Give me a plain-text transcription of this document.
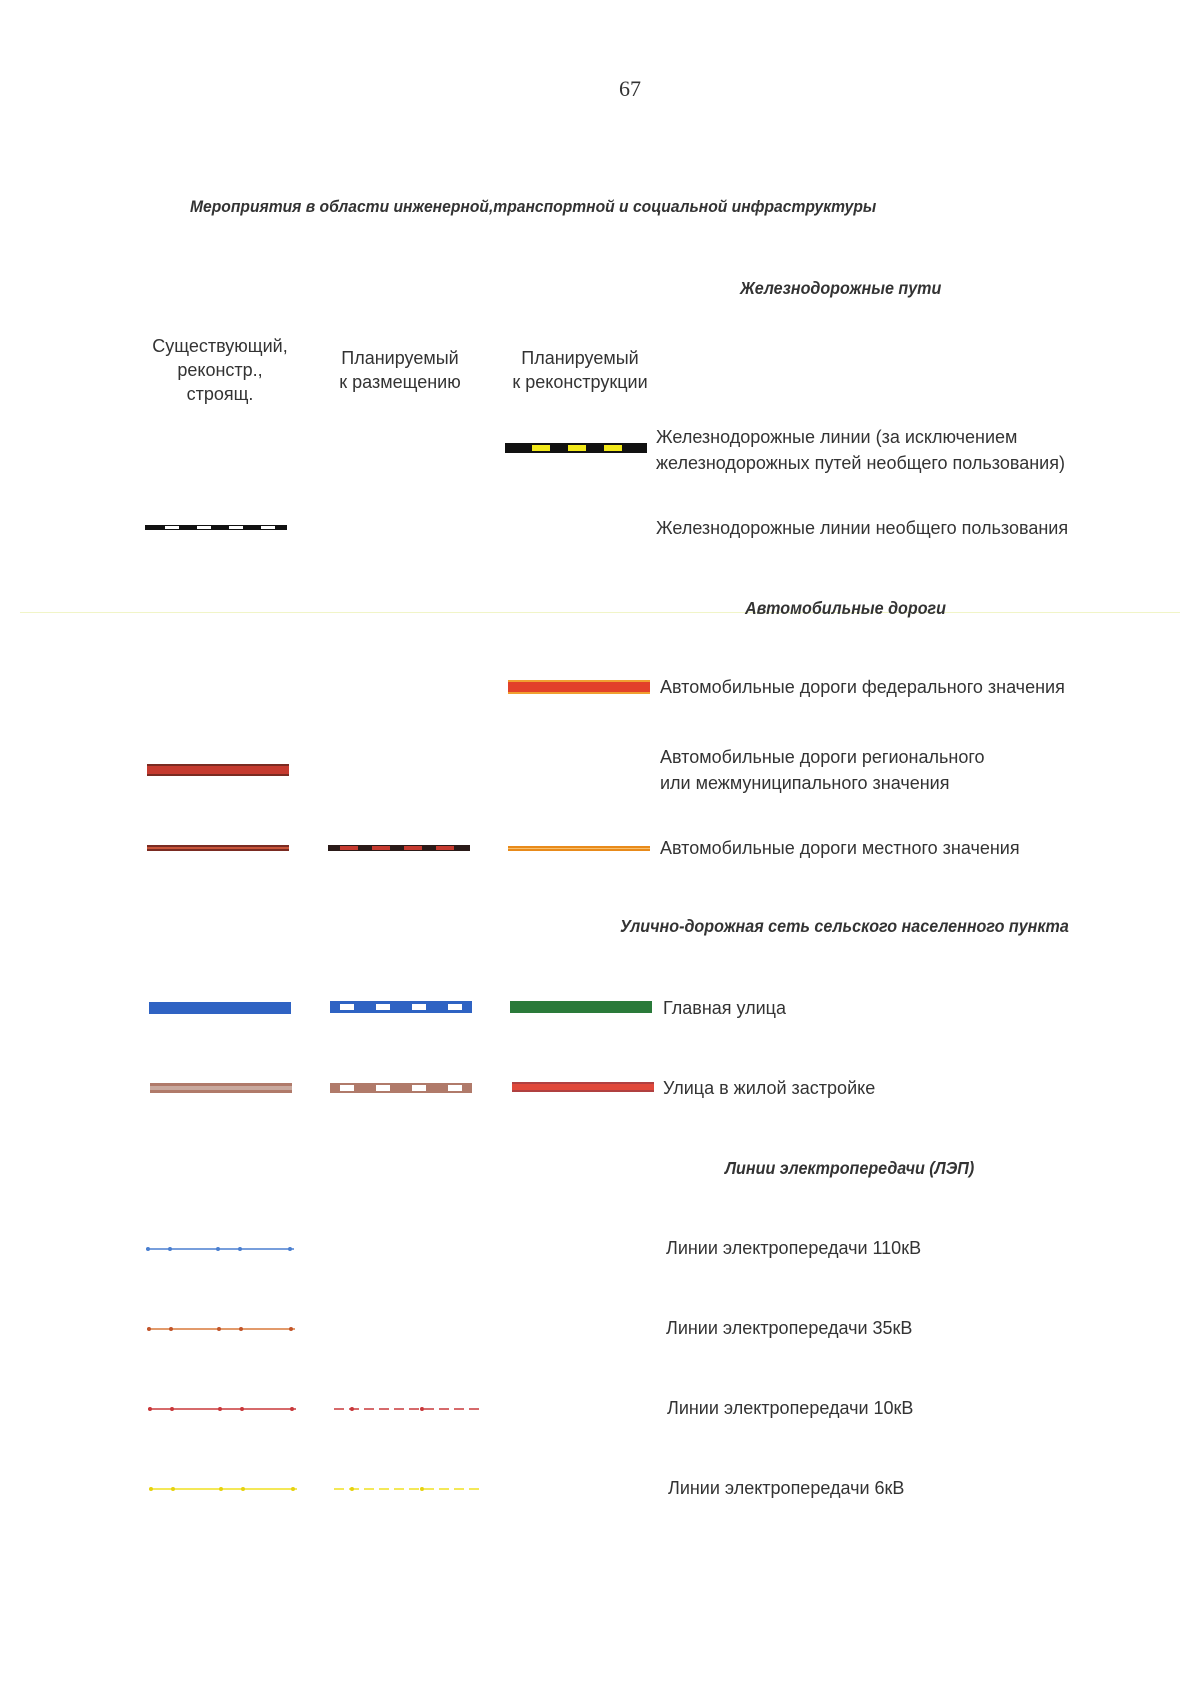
67
Мероприятия в области инженерной,транспортной и социальной инфраструктуры
Железнодорожные пути
Существующий,
реконстр.,
строящ.
Планируемый
к размещению
Планируемый
к реконструкции
Железнодорожные линии (за исключением
железнодорожных путей необщего пользования)
Железнодорожные линии необщего пользования
Автомобильные дороги
Автомобильные дороги федерального значения
Автомобильные дороги регионального
или межмуниципального значения
Автомобильные дороги местного значения
Улично-дорожная сеть сельского населенного пункта
Главная улица
Улица в жилой застройке
Линии электропередачи (ЛЭП)
Линии электропередачи 110кВ
Линии электропередачи 35кВ
Линии электропередачи 10кВ
Линии электропередачи 6кВ
